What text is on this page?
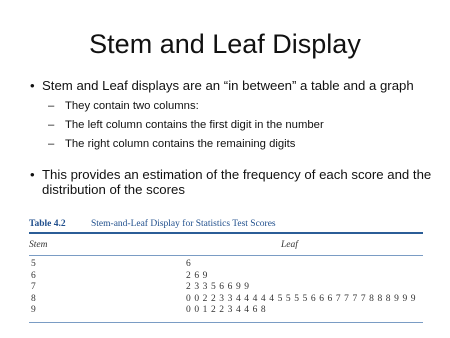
Stem and Leaf Display
• Stem and Leaf displays are an “in between” a table and a graph
– They contain two columns:
– The left column contains the first digit in the number
– The right column contains the remaining digits
• This provides an estimation of the frequency of each score and the distribution of the scores
Table 4.2	Stem-and-Leaf Display for Statistics Test Scores
Stem	Leaf
5	6
6	2 6 9
7	2 3 3 5 6 6 9 9
8	0 0 2 2 3 3 4 4 4 4 4 5 5 5 5 6 6 6 7 7 7 7 8 8 8 9 9 9
9	0 0 1 2 2 3 4 4 6 8
